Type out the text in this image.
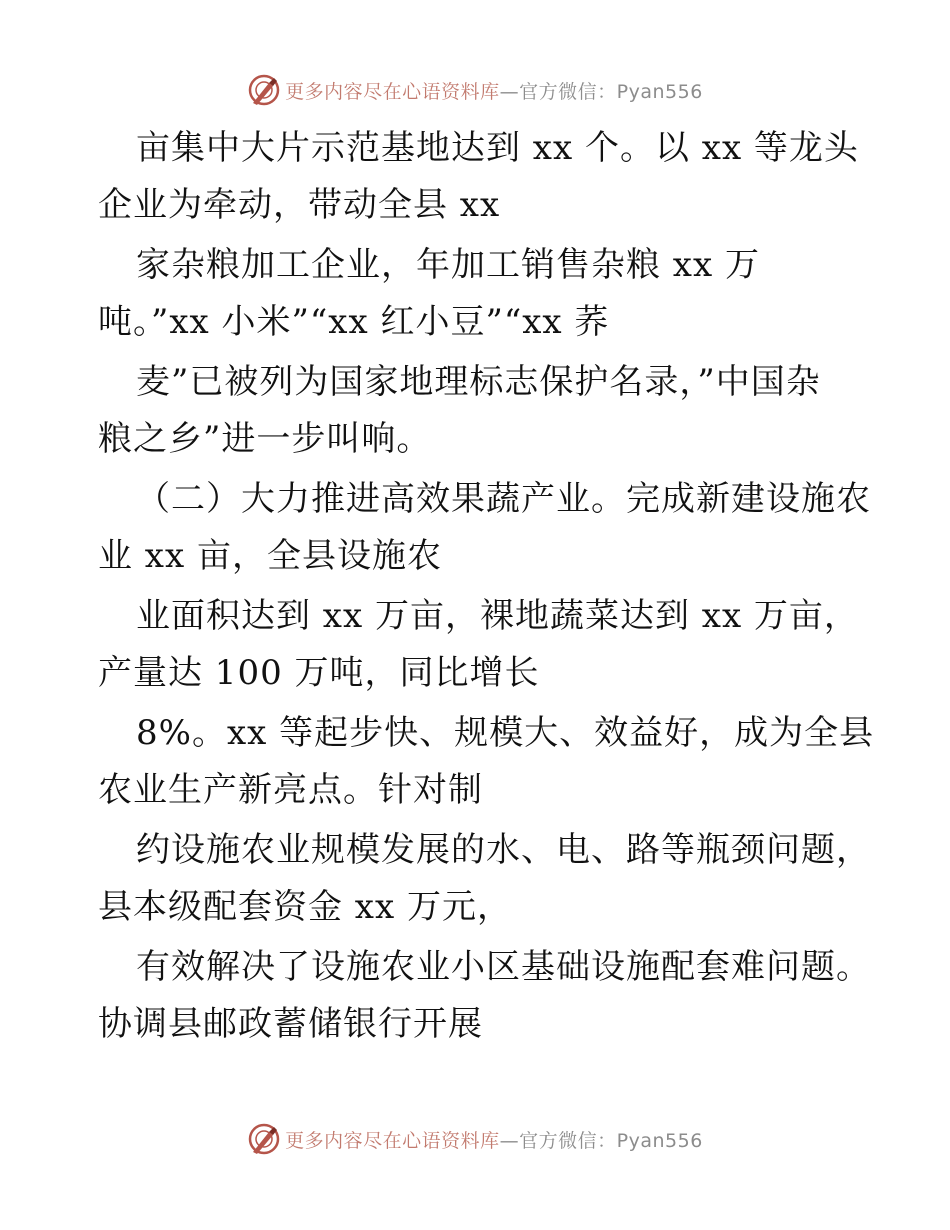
更多内容尽在心语资料库 —官方微信：Pyan556
亩集中大片示范基地达到 xx 个。以 xx 等龙头
企业为牵动，带动全县 xx
家杂粮加工企业，年加工销售杂粮 xx 万
吨。”xx 小米”“xx 红小豆”“xx 荞
麦”已被列为国家地理标志保护名录，”中国杂
粮之乡”进一步叫响。
（二）大力推进高效果蔬产业。完成新建设施农
业 xx 亩，全县设施农
业面积达到 xx 万亩，裸地蔬菜达到 xx 万亩，
产量达 100 万吨，同比增长
8%。xx 等起步快、规模大、效益好，成为全县
农业生产新亮点。针对制
约设施农业规模发展的水、电、路等瓶颈问题，
县本级配套资金 xx 万元，
有效解决了设施农业小区基础设施配套难问题。
协调县邮政蓄储银行开展
更多内容尽在心语资料库 —官方微信：Pyan556
